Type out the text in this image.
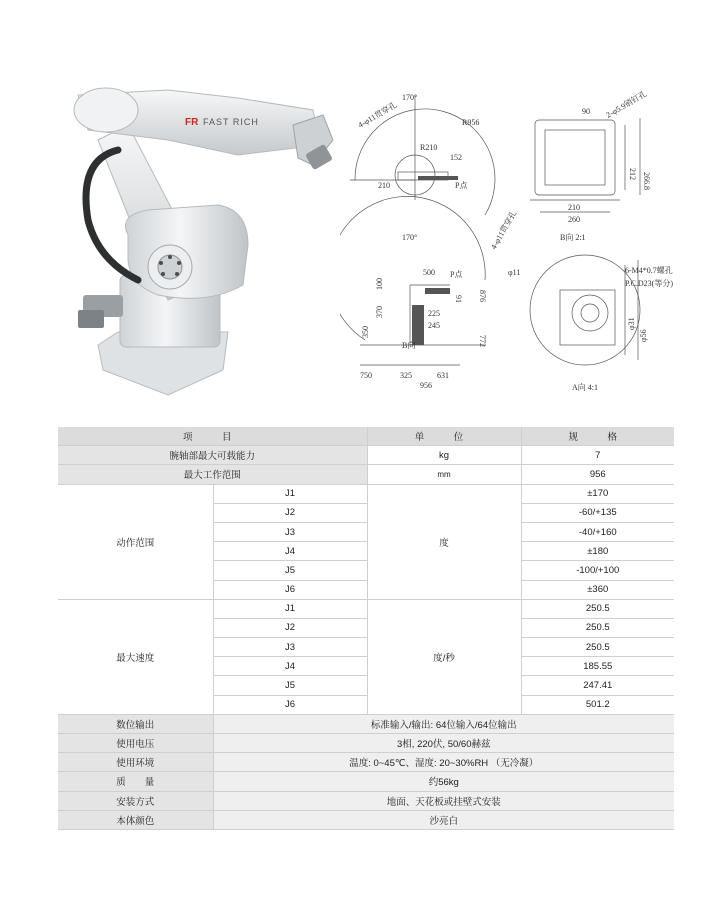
FR FAST RICH
170°
170°
R956
R210
210
152
4-φ11贯穿孔
4-φ11贯穿孔
P点
90 2-φ5.9销钉孔
212 266.8
210
260
B向 2:1
500 P点
876
91
100
370
350
225
245
772
750	325	631
956
B向
φ11	6-M4*0.7螺孔
P.C.D23(等分)
φ31
φ56
A向 4:1
项　目		单　位	规　格
腕轴部最大可载能力		kg	7
最大工作范围		mm	956
动作范围	J1	度	±170
	J2		-60/+135
	J3		-40/+160
	J4		±180
	J5		-100/+100
	J6		±360
最大速度	J1	度/秒	250.5
	J2		250.5
	J3		250.5
	J4		185.55
	J5		247.41
	J6		501.2
数位输出	标准输入/输出: 64位输入/64位输出		
使用电压	3相, 220伏, 50/60赫兹		
使用环境	温度: 0~45℃、湿度: 20~30%RH （无冷凝）		
质　　量	约56kg		
安装方式	地面、天花板或挂壁式安装		
本体颜色	沙亮白		
